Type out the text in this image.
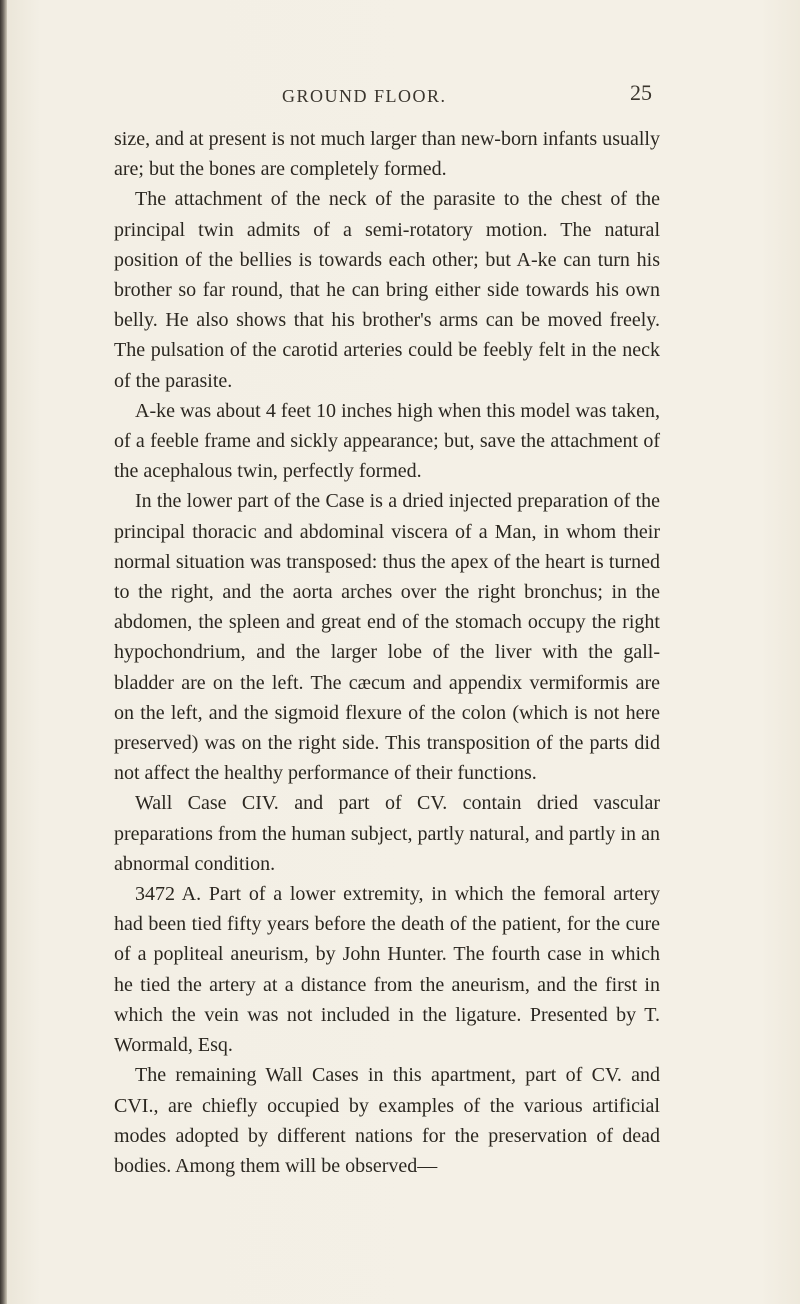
GROUND FLOOR.	25

size, and at present is not much larger than new-born infants usually are; but the bones are completely formed.

The attachment of the neck of the parasite to the chest of the principal twin admits of a semi-rotatory motion. The natural position of the bellies is towards each other; but A-ke can turn his brother so far round, that he can bring either side towards his own belly. He also shows that his brother's arms can be moved freely. The pulsation of the carotid arteries could be feebly felt in the neck of the parasite.

A-ke was about 4 feet 10 inches high when this model was taken, of a feeble frame and sickly appearance; but, save the attachment of the acephalous twin, perfectly formed.

In the lower part of the Case is a dried injected preparation of the principal thoracic and abdominal viscera of a Man, in whom their normal situation was transposed: thus the apex of the heart is turned to the right, and the aorta arches over the right bronchus; in the abdomen, the spleen and great end of the stomach occupy the right hypochondrium, and the larger lobe of the liver with the gall-bladder are on the left. The cæcum and appendix vermiformis are on the left, and the sigmoid flexure of the colon (which is not here preserved) was on the right side. This transposition of the parts did not affect the healthy performance of their functions.

Wall Case CIV. and part of CV. contain dried vascular preparations from the human subject, partly natural, and partly in an abnormal condition.

3472 A. Part of a lower extremity, in which the femoral artery had been tied fifty years before the death of the patient, for the cure of a popliteal aneurism, by John Hunter. The fourth case in which he tied the artery at a distance from the aneurism, and the first in which the vein was not included in the ligature. Presented by T. Wormald, Esq.

The remaining Wall Cases in this apartment, part of CV. and CVI., are chiefly occupied by examples of the various artificial modes adopted by different nations for the preservation of dead bodies. Among them will be observed—
